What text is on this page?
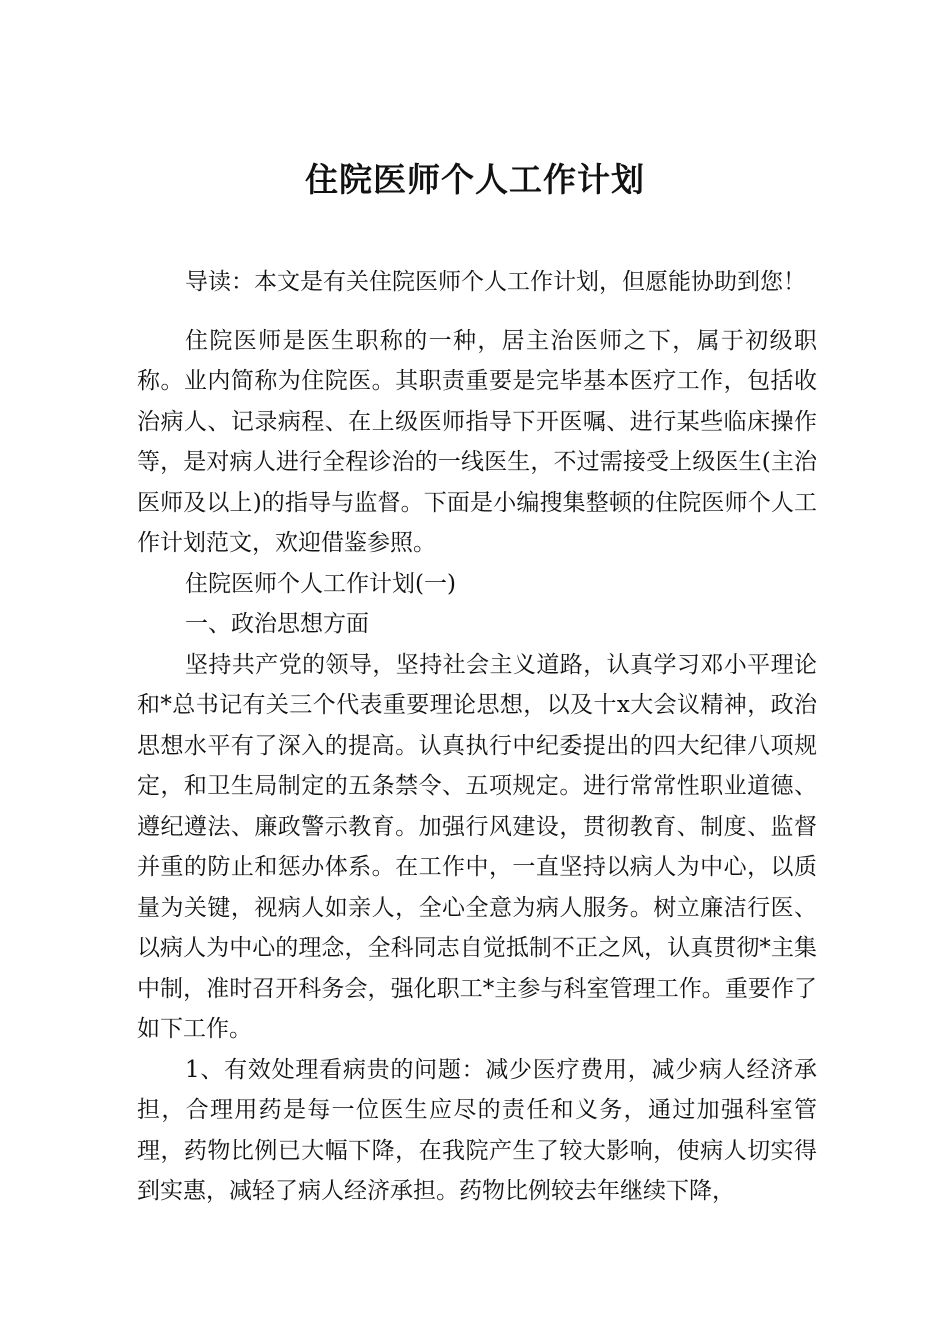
住院医师个人工作计划

导读：本文是有关住院医师个人工作计划，但愿能协助到您！

住院医师是医生职称的一种，居主治医师之下，属于初级职称。业内简称为住院医。其职责重要是完毕基本医疗工作，包括收治病人、记录病程、在上级医师指导下开医嘱、进行某些临床操作等，是对病人进行全程诊治的一线医生，不过需接受上级医生(主治医师及以上)的指导与监督。下面是小编搜集整顿的住院医师个人工作计划范文，欢迎借鉴参照。

住院医师个人工作计划(一)

一、政治思想方面

坚持共产党的领导，坚持社会主义道路，认真学习邓小平理论和*总书记有关三个代表重要理论思想，以及十x大会议精神，政治思想水平有了深入的提高。认真执行中纪委提出的四大纪律八项规定，和卫生局制定的五条禁令、五项规定。进行常常性职业道德、遵纪遵法、廉政警示教育。加强行风建设，贯彻教育、制度、监督并重的防止和惩办体系。在工作中，一直坚持以病人为中心，以质量为关键，视病人如亲人，全心全意为病人服务。树立廉洁行医、以病人为中心的理念，全科同志自觉抵制不正之风，认真贯彻*主集中制，准时召开科务会，强化职工*主参与科室管理工作。重要作了如下工作。

1、有效处理看病贵的问题：减少医疗费用，减少病人经济承担，合理用药是每一位医生应尽的责任和义务，通过加强科室管理，药物比例已大幅下降，在我院产生了较大影响，使病人切实得到实惠，减轻了病人经济承担。药物比例较去年继续下降，
